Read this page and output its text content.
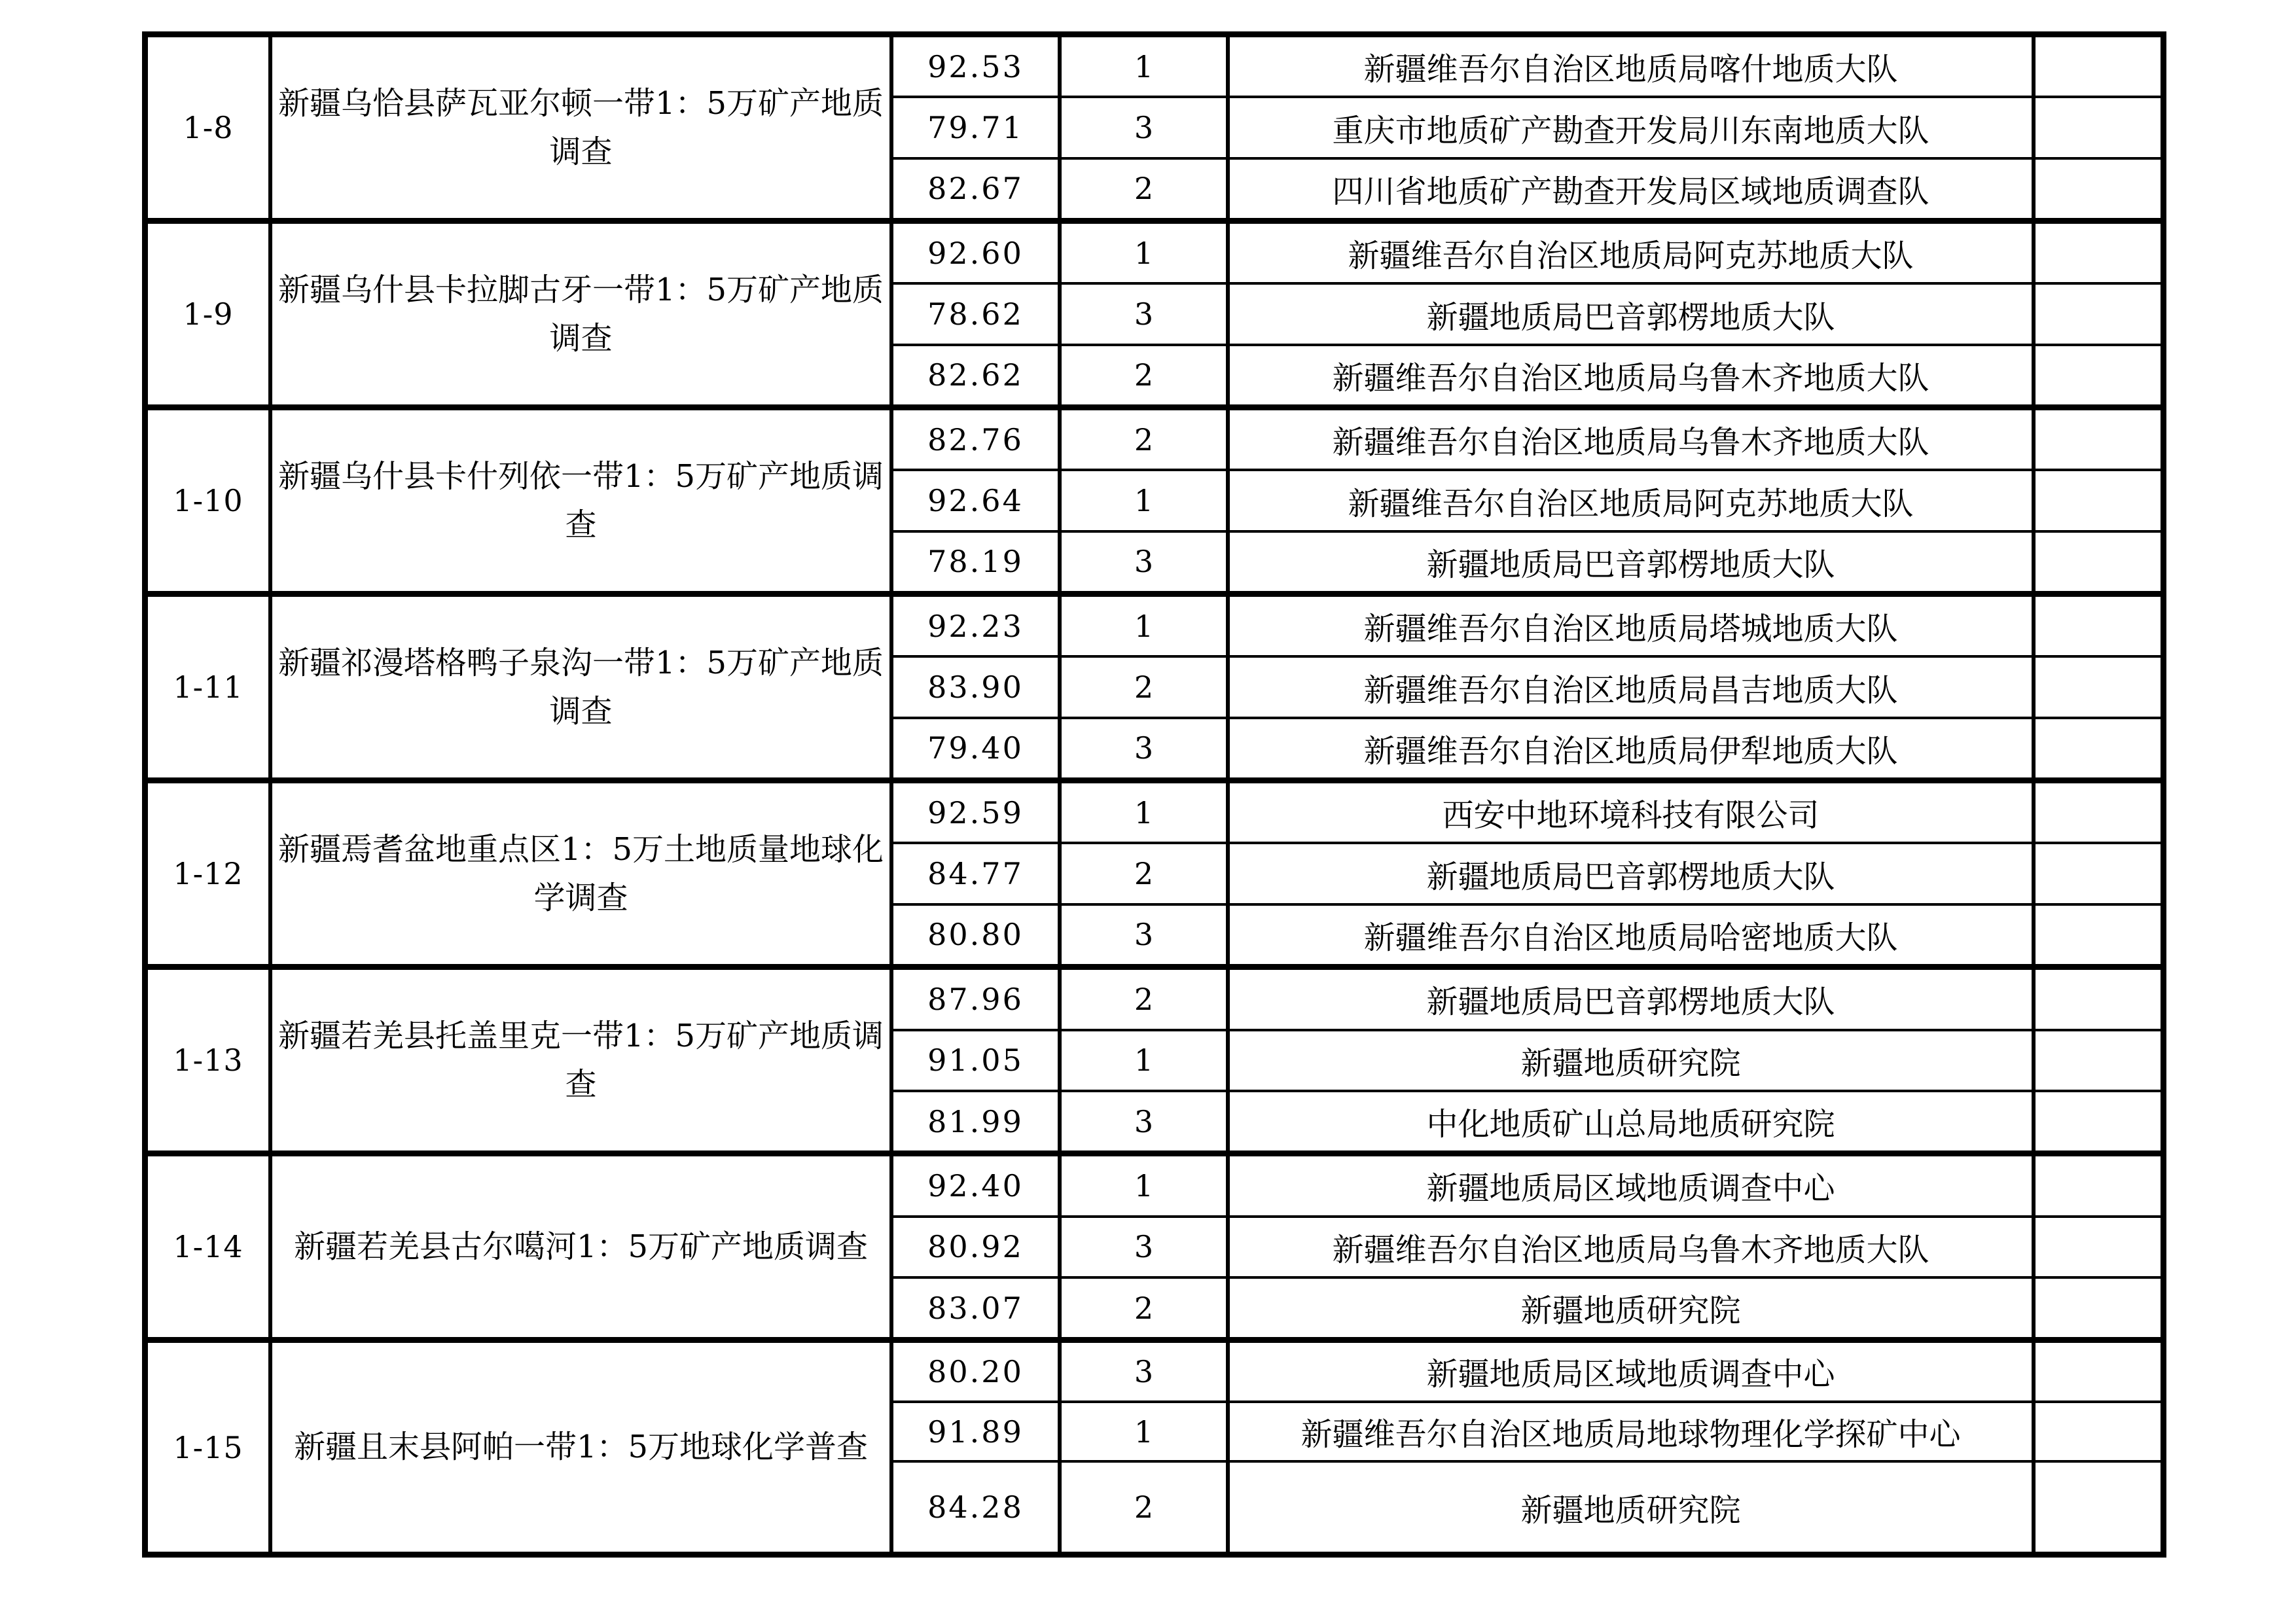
1-8
新疆乌恰县萨瓦亚尔顿一带1：5万矿产地质调查
92.53	1	新疆维吾尔自治区地质局喀什地质大队
79.71	3	重庆市地质矿产勘查开发局川东南地质大队
82.67	2	四川省地质矿产勘查开发局区域地质调查队
1-9
新疆乌什县卡拉脚古牙一带1：5万矿产地质调查
92.60	1	新疆维吾尔自治区地质局阿克苏地质大队
78.62	3	新疆地质局巴音郭楞地质大队
82.62	2	新疆维吾尔自治区地质局乌鲁木齐地质大队
1-10
新疆乌什县卡什列依一带1：5万矿产地质调查
82.76	2	新疆维吾尔自治区地质局乌鲁木齐地质大队
92.64	1	新疆维吾尔自治区地质局阿克苏地质大队
78.19	3	新疆地质局巴音郭楞地质大队
1-11
新疆祁漫塔格鸭子泉沟一带1：5万矿产地质调查
92.23	1	新疆维吾尔自治区地质局塔城地质大队
83.90	2	新疆维吾尔自治区地质局昌吉地质大队
79.40	3	新疆维吾尔自治区地质局伊犁地质大队
1-12
新疆焉耆盆地重点区1：5万土地质量地球化学调查
92.59	1	西安中地环境科技有限公司
84.77	2	新疆地质局巴音郭楞地质大队
80.80	3	新疆维吾尔自治区地质局哈密地质大队
1-13
新疆若羌县托盖里克一带1：5万矿产地质调查
87.96	2	新疆地质局巴音郭楞地质大队
91.05	1	新疆地质研究院
81.99	3	中化地质矿山总局地质研究院
1-14	新疆若羌县古尔噶河1：5万矿产地质调查
92.40	1	新疆地质局区域地质调查中心
80.92	3	新疆维吾尔自治区地质局乌鲁木齐地质大队
83.07	2	新疆地质研究院
1-15	新疆且末县阿帕一带1：5万地球化学普查
80.20	3	新疆地质局区域地质调查中心
91.89	1	新疆维吾尔自治区地质局地球物理化学探矿中心
84.28	2	新疆地质研究院
